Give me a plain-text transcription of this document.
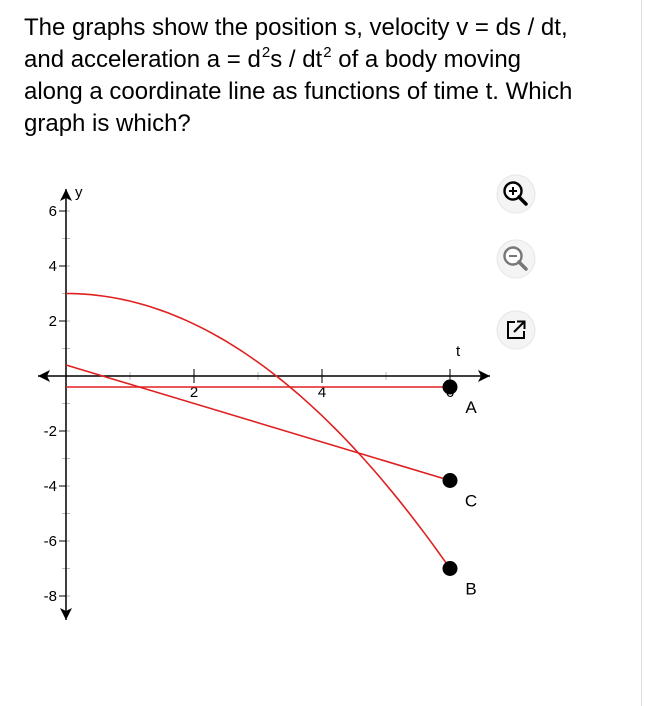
The graphs show the position s, velocity v = ds / dt,
and acceleration $a = d^2s / dt^2$ of a body moving
along a coordinate line as functions of time t. Which
graph is which?
y
t
2	4
6
4
2
-2
-4
-6
-8
A
C
B
